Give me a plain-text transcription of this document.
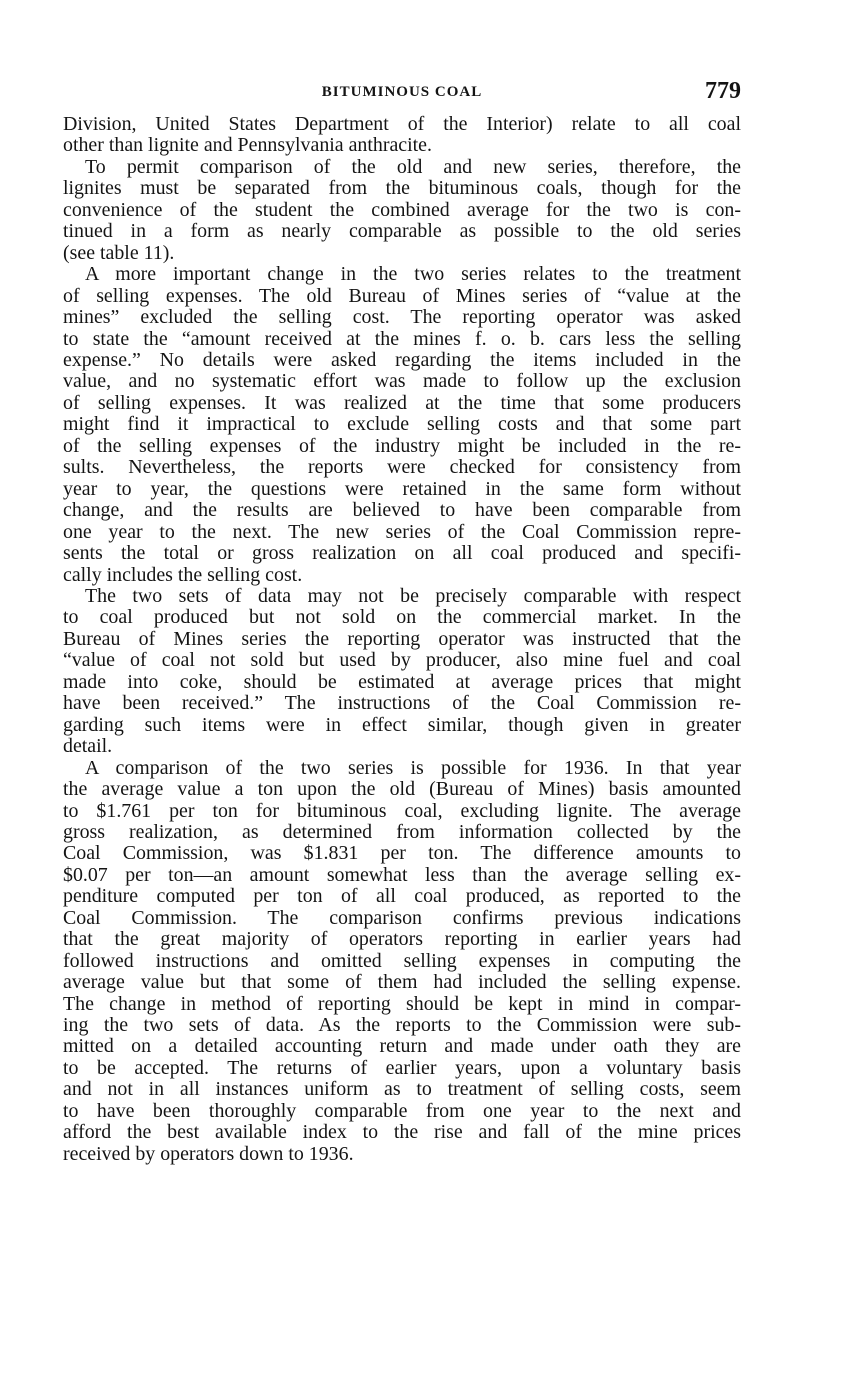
BITUMINOUS COAL	779

Division, United States Department of the Interior) relate to all coal
other than lignite and Pennsylvania anthracite.

To permit comparison of the old and new series, therefore, the
lignites must be separated from the bituminous coals, though for the
convenience of the student the combined average for the two is con-
tinued in a form as nearly comparable as possible to the old series
(see table 11).

A more important change in the two series relates to the treatment
of selling expenses. The old Bureau of Mines series of “value at the
mines” excluded the selling cost. The reporting operator was asked
to state the “amount received at the mines f. o. b. cars less the selling
expense.” No details were asked regarding the items included in the
value, and no systematic effort was made to follow up the exclusion
of selling expenses. It was realized at the time that some producers
might find it impractical to exclude selling costs and that some part
of the selling expenses of the industry might be included in the re-
sults. Nevertheless, the reports were checked for consistency from
year to year, the questions were retained in the same form without
change, and the results are believed to have been comparable from
one year to the next. The new series of the Coal Commission repre-
sents the total or gross realization on all coal produced and specifi-
cally includes the selling cost.

The two sets of data may not be precisely comparable with respect
to coal produced but not sold on the commercial market. In the
Bureau of Mines series the reporting operator was instructed that the
“value of coal not sold but used by producer, also mine fuel and coal
made into coke, should be estimated at average prices that might
have been received.” The instructions of the Coal Commission re-
garding such items were in effect similar, though given in greater
detail.

A comparison of the two series is possible for 1936. In that year
the average value a ton upon the old (Bureau of Mines) basis amounted
to $1.761 per ton for bituminous coal, excluding lignite. The average
gross realization, as determined from information collected by the
Coal Commission, was $1.831 per ton. The difference amounts to
$0.07 per ton—an amount somewhat less than the average selling ex-
penditure computed per ton of all coal produced, as reported to the
Coal Commission. The comparison confirms previous indications
that the great majority of operators reporting in earlier years had
followed instructions and omitted selling expenses in computing the
average value but that some of them had included the selling expense.
The change in method of reporting should be kept in mind in compar-
ing the two sets of data. As the reports to the Commission were sub-
mitted on a detailed accounting return and made under oath they are
to be accepted. The returns of earlier years, upon a voluntary basis
and not in all instances uniform as to treatment of selling costs, seem
to have been thoroughly comparable from one year to the next and
afford the best available index to the rise and fall of the mine prices
received by operators down to 1936.
